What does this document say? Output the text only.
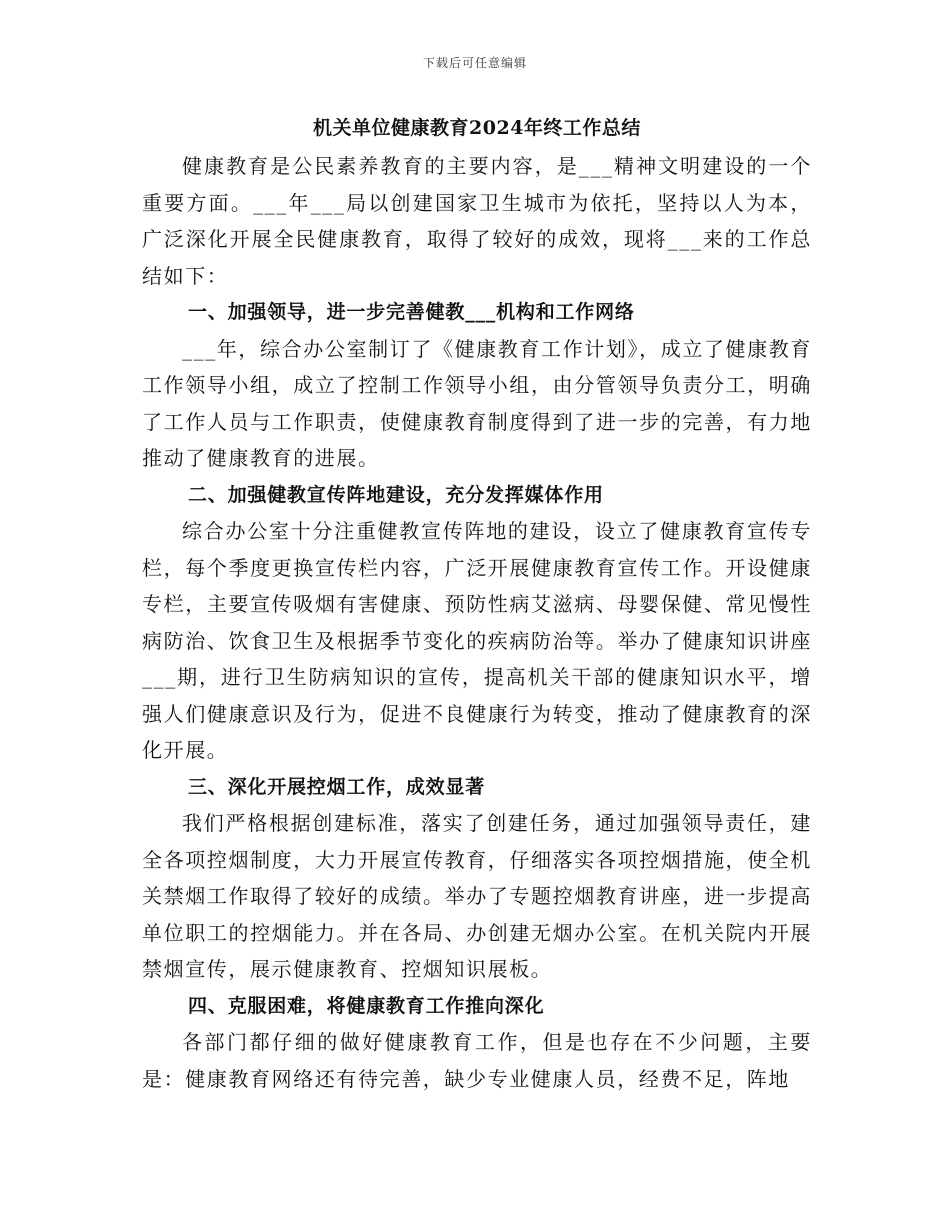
下载后可任意编辑
机关单位健康教育2024年终工作总结

健康教育是公民素养教育的主要内容，是___精神文明建设的一个重要方面。___年___局以创建国家卫生城市为依托，坚持以人为本，广泛深化开展全民健康教育，取得了较好的成效，现将___来的工作总结如下：

一、加强领导，进一步完善健教___机构和工作网络

___年，综合办公室制订了《健康教育工作计划》，成立了健康教育工作领导小组，成立了控制工作领导小组，由分管领导负责分工，明确了工作人员与工作职责，使健康教育制度得到了进一步的完善，有力地推动了健康教育的进展。

二、加强健教宣传阵地建设，充分发挥媒体作用

综合办公室十分注重健教宣传阵地的建设，设立了健康教育宣传专栏，每个季度更换宣传栏内容，广泛开展健康教育宣传工作。开设健康专栏，主要宣传吸烟有害健康、预防性病艾滋病、母婴保健、常见慢性病防治、饮食卫生及根据季节变化的疾病防治等。举办了健康知识讲座___期，进行卫生防病知识的宣传，提高机关干部的健康知识水平，增强人们健康意识及行为，促进不良健康行为转变，推动了健康教育的深化开展。

三、深化开展控烟工作，成效显著

我们严格根据创建标准，落实了创建任务，通过加强领导责任，建全各项控烟制度，大力开展宣传教育，仔细落实各项控烟措施，使全机关禁烟工作取得了较好的成绩。举办了专题控烟教育讲座，进一步提高单位职工的控烟能力。并在各局、办创建无烟办公室。在机关院内开展禁烟宣传，展示健康教育、控烟知识展板。

四、克服困难，将健康教育工作推向深化

各部门都仔细的做好健康教育工作，但是也存在不少问题，主要是：健康教育网络还有待完善，缺少专业健康人员，经费不足，阵地
